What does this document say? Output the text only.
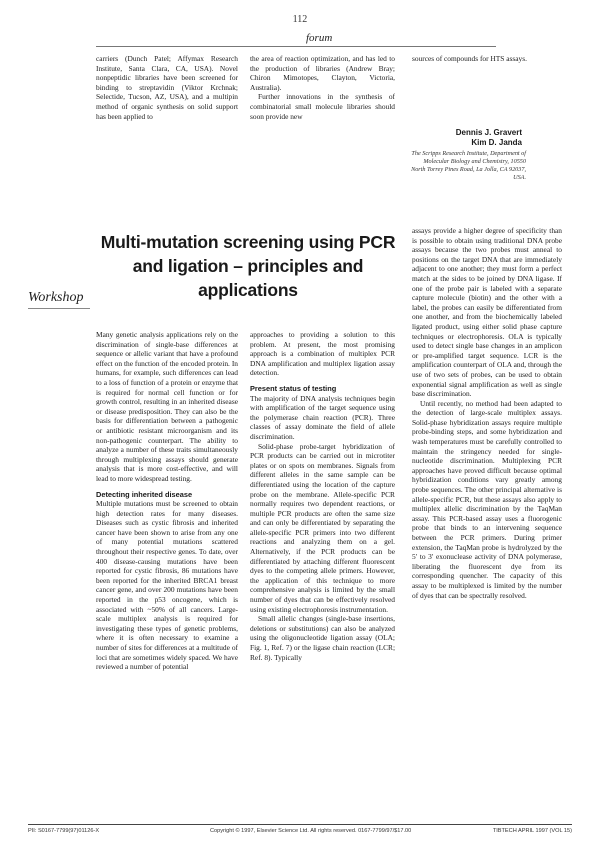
112
forum

carriers (Dunch Patel; Affymax Research Institute, Santa Clara, CA, USA). Novel nonpeptidic libraries have been screened for binding to streptavidin (Viktor Krchnak; Selectide, Tucson, AZ, USA), and a multipin method of organic synthesis on solid support has been applied to

the area of reaction optimization, and has led to the production of libraries (Andrew Bray; Chiron Mimotopes, Clayton, Victoria, Australia).

Further innovations in the synthesis of combinatorial small molecule libraries should soon provide new

sources of compounds for HTS assays.

Dennis J. Gravert
Kim D. Janda
The Scripps Research Institute, Department of Molecular Biology and Chemistry, 10550 North Torrey Pines Road, La Jolla, CA 92037, USA.
Multi-mutation screening using PCR and ligation – principles and applications
Workshop

Many genetic analysis applications rely on the discrimination of single-base differences at sequence or allelic variant that have a profound effect on the function of the encoded protein. In humans, for example, such differences can lead to a loss of function of a protein or enzyme that is required for normal cell function or for growth control, resulting in an inherited disease or disease predisposition. They can also be the basis for differentiation between a pathogenic or antibiotic resistant microorganism and its non-pathogenic counterpart. The ability to analyze a number of these traits simultaneously through multiplexing assays should generate analysis that is more cost-effective, and will lead to more widespread testing.

Detecting inherited disease

Multiple mutations must be screened to obtain high detection rates for many diseases. Diseases such as cystic fibrosis and inherited cancer have been shown to arise from any one of many potential mutations scattered throughout their respective genes. To date, over 400 disease-causing mutations have been reported for cystic fibrosis, 86 mutations have been reported for the inherited BRCA1 breast cancer gene, and over 200 mutations have been reported in the p53 oncogene, which is associated with ~50% of all cancers. Large-scale multiplex analysis is required for investigating these types of genetic problems, where it is often necessary to examine a number of sites for differences at a multitude of loci that are sometimes widely spaced. We have reviewed a number of potential

approaches to providing a solution to this problem. At present, the most promising approach is a combination of multiplex PCR DNA amplification and multiplex ligation assay detection.

Present status of testing

The majority of DNA analysis techniques begin with amplification of the target sequence using the polymerase chain reaction (PCR). Three classes of assay dominate the field of allele discrimination.

Solid-phase probe-target hybridization of PCR products can be carried out in microtiter plates or on spots on membranes. Signals from different alleles in the same sample can be differentiated using the location of the capture probe on the membrane. Allele-specific PCR normally requires two dependent reactions, or multiple PCR products are often the same size and can only be differentiated by separating the allele-specific PCR primers into two different reactions and analyzing them on a gel. Alternatively, if the PCR products can be differentiated by attaching different fluorescent dyes to the competing allele primers. However, the application of this technique to more comprehensive analysis is limited by the small number of dyes that can be effectively resolved using existing electrophoresis instrumentation.

Small allelic changes (single-base insertions, deletions or substitutions) can also be analyzed using the oligonucleotide ligation assay (OLA; Fig. 1, Ref. 7) or the ligase chain reaction (LCR; Ref. 8). Typically

assays provide a higher degree of specificity than is possible to obtain using traditional DNA probe assays because the two probes must anneal to positions on the target DNA that are immediately adjacent to one another; they must form a perfect match at the sides to be joined by DNA ligase. If one of the probe pair is labeled with a separate capture molecule (biotin) and the other with a label, the probes can easily be differentiated from one another, and from the biochemically labeled ligated product, using either solid phase capture techniques or electrophoresis. OLA is typically used to detect single base changes in an amplicon or pre-amplified target sequence. LCR is the amplification counterpart of OLA and, through the use of two sets of probes, can be used to obtain exponential signal amplification as well as single base discrimination.

Until recently, no method had been adapted to the detection of large-scale multiplex assays. Solid-phase hybridization assays require multiple probe-binding steps, and some hybridization and wash temperatures must be carefully controlled to maintain the stringency needed for single-nucleotide discrimination. Multiplexing PCR approaches have proved difficult because optimal hybridization conditions vary greatly among probe sequences. The other principal alternative is allele-specific PCR, but these assays also apply to multiplex allelic discrimination by the TaqMan assay. This PCR-based assay uses a fluorogenic probe that binds to an intervening sequence between the PCR primers. During primer extension, the TaqMan probe is hydrolyzed by the 5′ to 3′ exonuclease activity of DNA polymerase, liberating the fluorescent dye from its corresponding quencher. The capacity of this assay to be multiplexed is limited by the number of dyes that can be spectrally resolved.

PII: S0167-7799(97)01126-X	Copyright © 1997, Elsevier Science Ltd. All rights reserved. 0167-7799/97/$17.00	TIBTECH APRIL 1997 (VOL 15)
